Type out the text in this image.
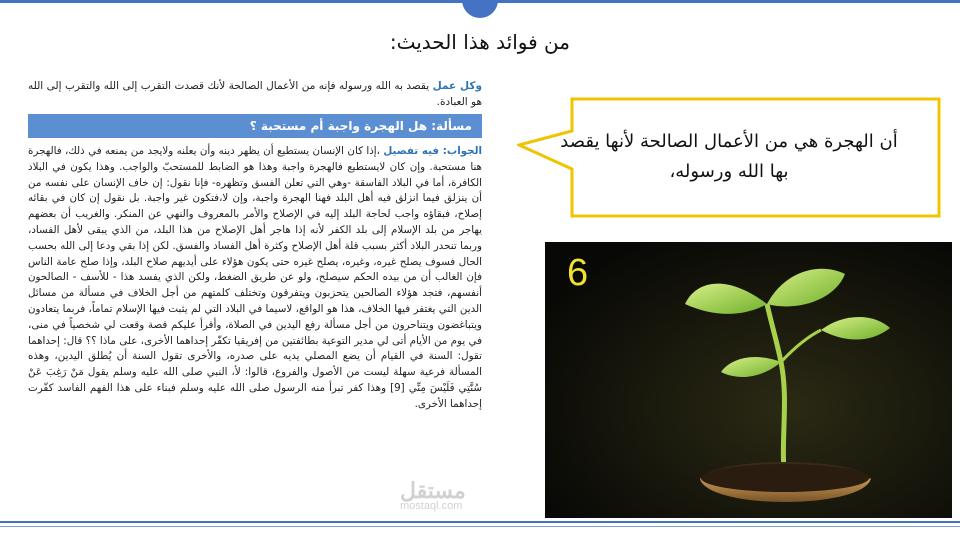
من فوائد هذا الحديث:

وكل عمل يقصد به الله ورسوله فإنه من الأعمال الصالحة لأنك قصدت التقرب إلى الله والتقرب إلى الله هو العبادة.

مسألة: هل الهجرة واجبة أم مستحبة ؟

الجواب: فيه تفصيل ،إذا كان الإنسان يستطيع أن يظهر دينه وأن يعلنه ولايجد من يمنعه في ذلك، فالهجرة هنا مستحبة. وإن كان لايستطيع فالهجرة واجبة وهذا هو الضابط للمستحبّ والواجب. وهذا يكون في البلاد الكافرة، أما في البلاد الفاسقة -وهي التي تعلن الفسق وتظهره- فإنا نقول: إن خاف الإنسان على نفسه من أن ينزلق فيما انزلق فيه أهل البلد فهنا الهجرة واجبة، وإن لا،فتكون غير واجبة. بل نقول إن كان في بقائه إصلاح، فبقاؤه واجب لحاجة البلد إليه في الإصلاح والأمر بالمعروف والنهي عن المنكر. والغريب أن بعضهم يهاجر من بلد الإسلام إلى بلد الكفر لأنه إذا هاجر أهل الإصلاح من هذا البلد، من الذي يبقى لأهل الفساد، وربما تنحدر البلاد أكثر بسبب قلة أهل الإصلاح وكثرة أهل الفساد والفسق. لكن إذا بقي ودعا إلى الله بحسب الحال فسوف يصلح غيره، وغيره، يصلح غيره حتى يكون هؤلاء على أيديهم صلاح البلد، وإذا صلح عامة الناس فإن الغالب أن من بيده الحكم سيصلح، ولو عن طريق الضغط، ولكن الذي يفسد هذا - للأسف - الصالحون أنفسهم، فتجد هؤلاء الصالحين يتحزبون ويتفرقون وتختلف كلمتهم من أجل الخلاف في مسألة من مسائل الدين التي يغتفر فيها الخلاف، هذا هو الواقع، لاسيما في البلاد التي لم يثبت فيها الإسلام تماماً، فربما يتعادون ويتباغضون ويتناحرون من أجل مسألة رفع اليدين في الصلاة، وأقرأ عليكم قصة وقعت لي شخصياً في منى، في يوم من الأيام أتى لي مدير التوعية بطائفتين من إفريقيا تكفّر إحداهما الأخرى، على ماذا ؟؟ قال: إحداهما تقول: السنة في القيام أن يضع المصلي يديه على صدره، والأخرى تقول السنة أن يُطلق اليدين، وهذه المسألة فرعية سهلة ليست من الأصول والفروع، قالوا: لأ، النبي صلى الله عليه وسلم يقول مَنْ رَغِبَ عَنْ سُنَّتِي فَلَيْسَ مِنِّي [9] وهذا كفر تبرأ منه الرسول صلى الله عليه وسلم فبناء على هذا الفهم الفاسد كفّرت إحداهما الأخرى.

أن الهجرة هي من الأعمال الصالحة لأنها يقصد بها الله ورسوله،
6
مستقل
mostaql.com
